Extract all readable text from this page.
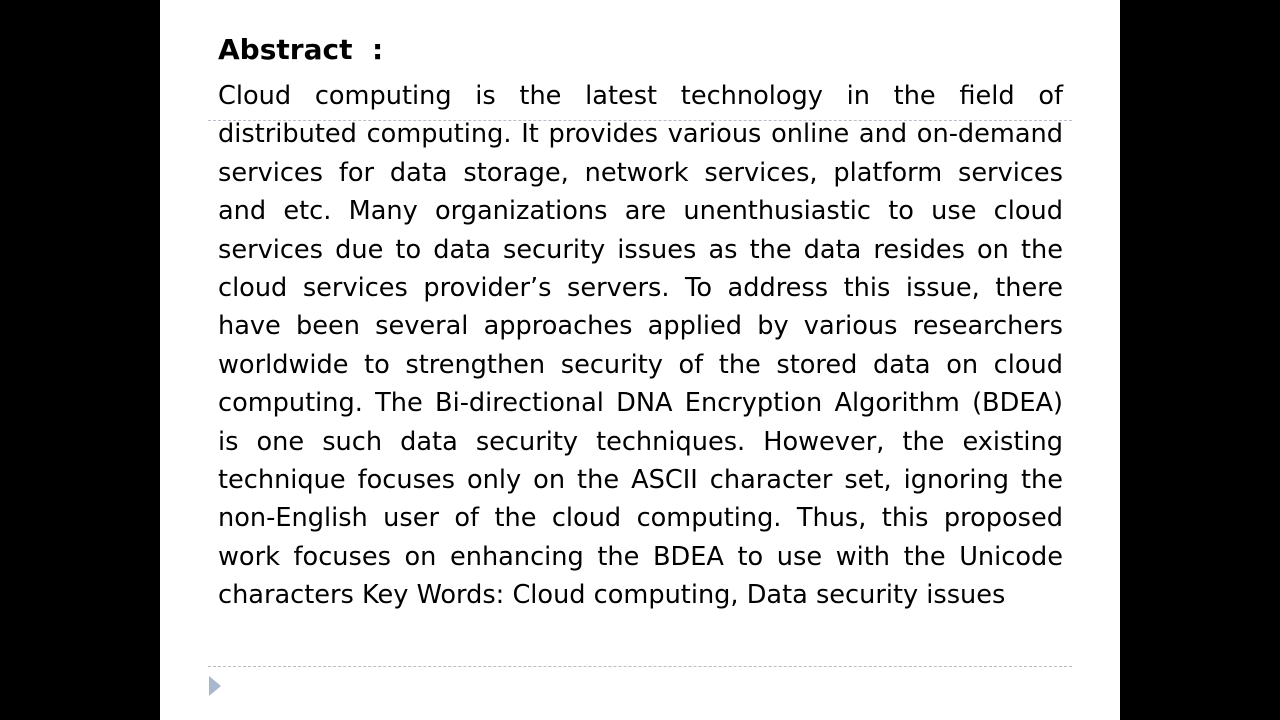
Abstract  :

Cloud computing is the latest technology in the field of distributed computing. It provides various online and on-demand services for data storage, network services, platform services and etc. Many organizations are unenthusiastic to use cloud services due to data security issues as the data resides on the cloud services provider’s servers. To address this issue, there have been several approaches applied by various researchers worldwide to strengthen security of the stored data on cloud computing. The Bi-directional DNA Encryption Algorithm (BDEA) is one such data security techniques. However, the existing technique focuses only on the ASCII character set, ignoring the non-English user of the cloud computing. Thus, this proposed work focuses on enhancing the BDEA to use with the Unicode characters Key Words: Cloud computing, Data security issues
